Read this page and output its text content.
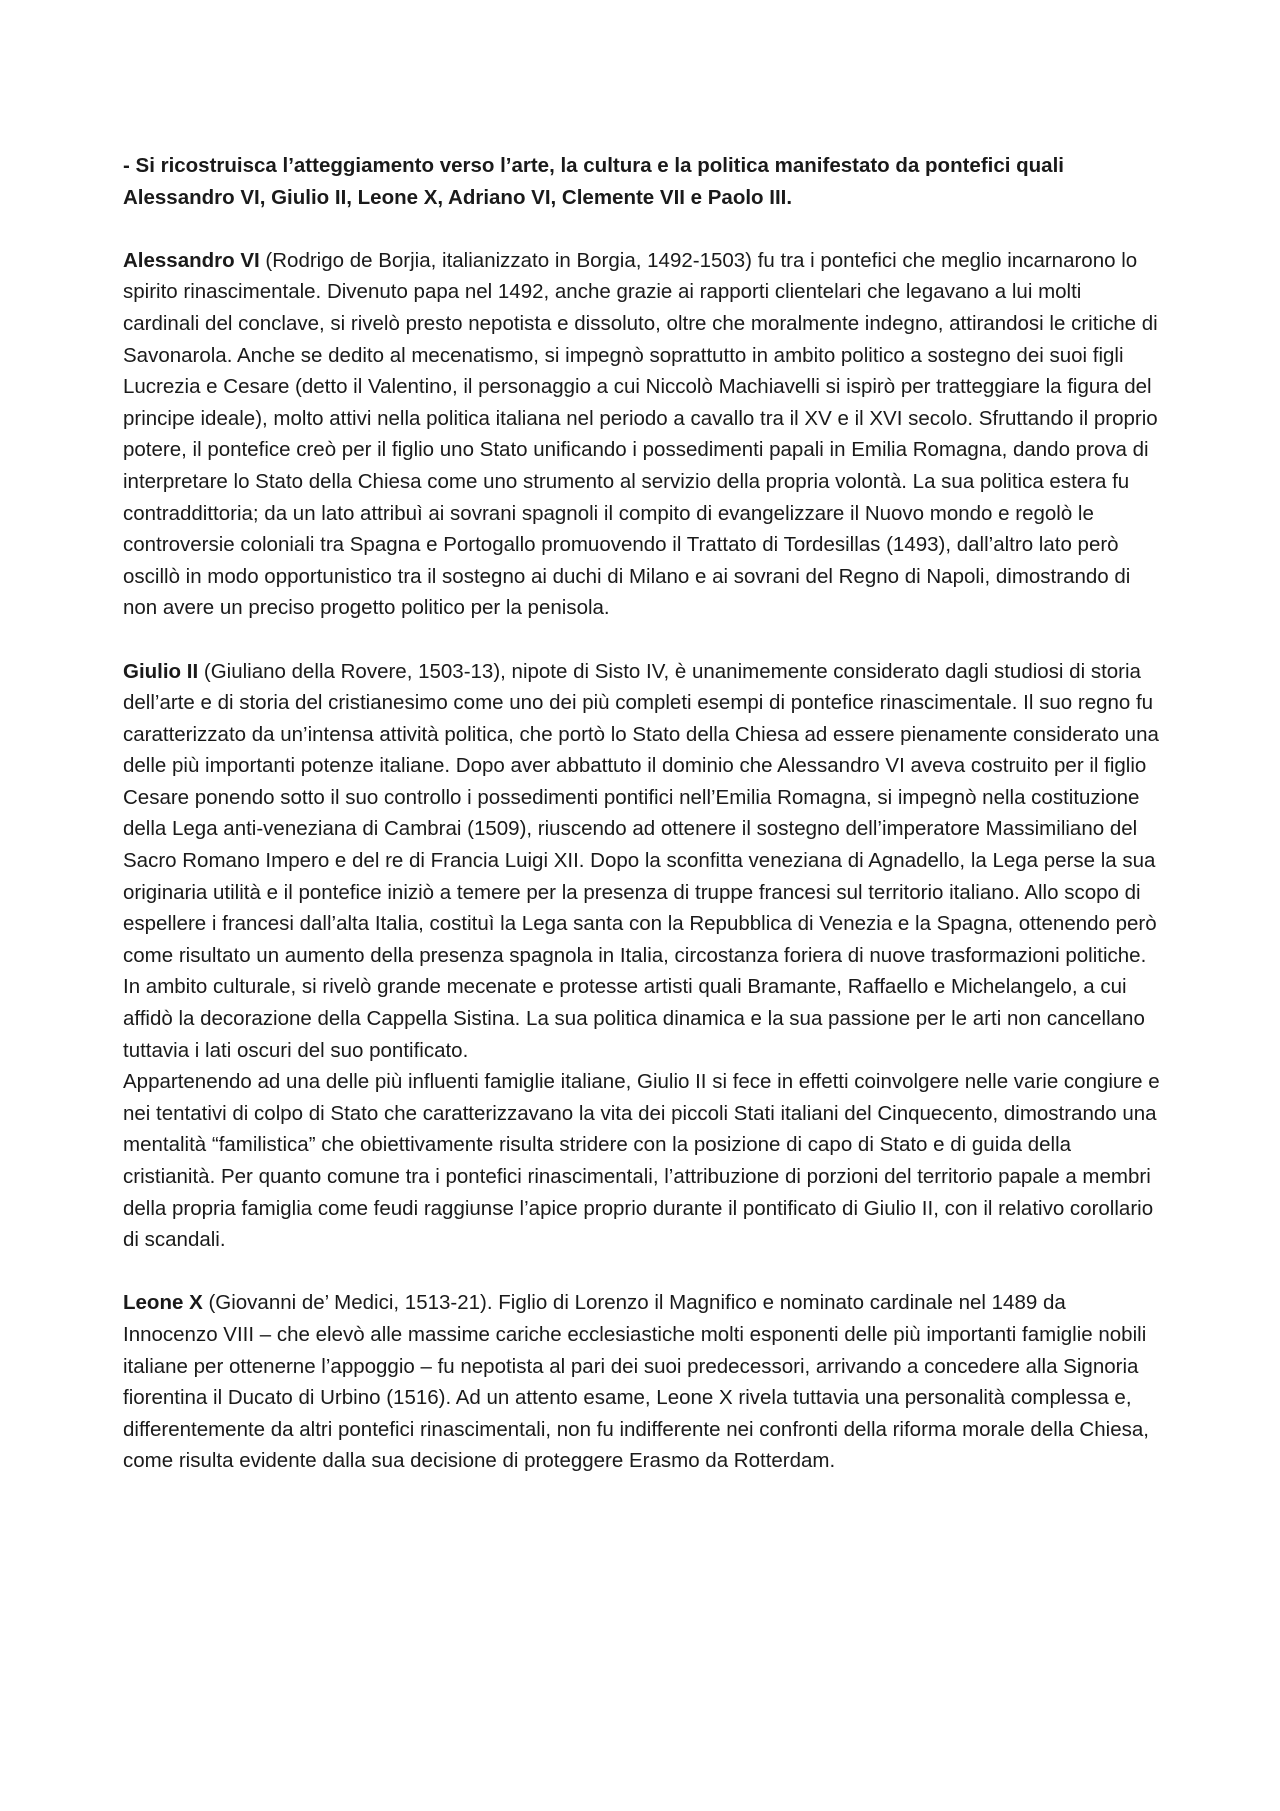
- Si ricostruisca l’atteggiamento verso l’arte, la cultura e la politica manifestato da pontefici quali Alessandro VI, Giulio II, Leone X, Adriano VI, Clemente VII e Paolo III.

Alessandro VI (Rodrigo de Borjia, italianizzato in Borgia, 1492-1503) fu tra i pontefici che meglio incarnarono lo spirito rinascimentale. Divenuto papa nel 1492, anche grazie ai rapporti clientelari che legavano a lui molti cardinali del conclave, si rivelò presto nepotista e dissoluto, oltre che moralmente indegno, attirandosi le critiche di Savonarola. Anche se dedito al mecenatismo, si impegnò soprattutto in ambito politico a sostegno dei suoi figli Lucrezia e Cesare (detto il Valentino, il personaggio a cui Niccolò Machiavelli si ispirò per tratteggiare la figura del principe ideale), molto attivi nella politica italiana nel periodo a cavallo tra il XV e il XVI secolo. Sfruttando il proprio potere, il pontefice creò per il figlio uno Stato unificando i possedimenti papali in Emilia Romagna, dando prova di interpretare lo Stato della Chiesa come uno strumento al servizio della propria volontà. La sua politica estera fu contraddittoria; da un lato attribuì ai sovrani spagnoli il compito di evangelizzare il Nuovo mondo e regolò le controversie coloniali tra Spagna e Portogallo promuovendo il Trattato di Tordesillas (1493), dall’altro lato però oscillò in modo opportunistico tra il sostegno ai duchi di Milano e ai sovrani del Regno di Napoli, dimostrando di non avere un preciso progetto politico per la penisola.

Giulio II (Giuliano della Rovere, 1503-13), nipote di Sisto IV, è unanimemente considerato dagli studiosi di storia dell’arte e di storia del cristianesimo come uno dei più completi esempi di pontefice rinascimentale. Il suo regno fu caratterizzato da un’intensa attività politica, che portò lo Stato della Chiesa ad essere pienamente considerato una delle più importanti potenze italiane. Dopo aver abbattuto il dominio che Alessandro VI aveva costruito per il figlio Cesare ponendo sotto il suo controllo i possedimenti pontifici nell’Emilia Romagna, si impegnò nella costituzione della Lega anti-veneziana di Cambrai (1509), riuscendo ad ottenere il sostegno dell’imperatore Massimiliano del Sacro Romano Impero e del re di Francia Luigi XII. Dopo la sconfitta veneziana di Agnadello, la Lega perse la sua originaria utilità e il pontefice iniziò a temere per la presenza di truppe francesi sul territorio italiano. Allo scopo di espellere i francesi dall’alta Italia, costituì la Lega santa con la Repubblica di Venezia e la Spagna, ottenendo però come risultato un aumento della presenza spagnola in Italia, circostanza foriera di nuove trasformazioni politiche. In ambito culturale, si rivelò grande mecenate e protesse artisti quali Bramante, Raffaello e Michelangelo, a cui affidò la decorazione della Cappella Sistina. La sua politica dinamica e la sua passione per le arti non cancellano tuttavia i lati oscuri del suo pontificato.

Appartenendo ad una delle più influenti famiglie italiane, Giulio II si fece in effetti coinvolgere nelle varie congiure e nei tentativi di colpo di Stato che caratterizzavano la vita dei piccoli Stati italiani del Cinquecento, dimostrando una mentalità “familistica” che obiettivamente risulta stridere con la posizione di capo di Stato e di guida della cristianità. Per quanto comune tra i pontefici rinascimentali, l’attribuzione di porzioni del territorio papale a membri della propria famiglia come feudi raggiunse l’apice proprio durante il pontificato di Giulio II, con il relativo corollario di scandali.

Leone X (Giovanni de’ Medici, 1513-21). Figlio di Lorenzo il Magnifico e nominato cardinale nel 1489 da Innocenzo VIII – che elevò alle massime cariche ecclesiastiche molti esponenti delle più importanti famiglie nobili italiane per ottenerne l’appoggio – fu nepotista al pari dei suoi predecessori, arrivando a concedere alla Signoria fiorentina il Ducato di Urbino (1516). Ad un attento esame, Leone X rivela tuttavia una personalità complessa e, differentemente da altri pontefici rinascimentali, non fu indifferente nei confronti della riforma morale della Chiesa, come risulta evidente dalla sua decisione di proteggere Erasmo da Rotterdam.
